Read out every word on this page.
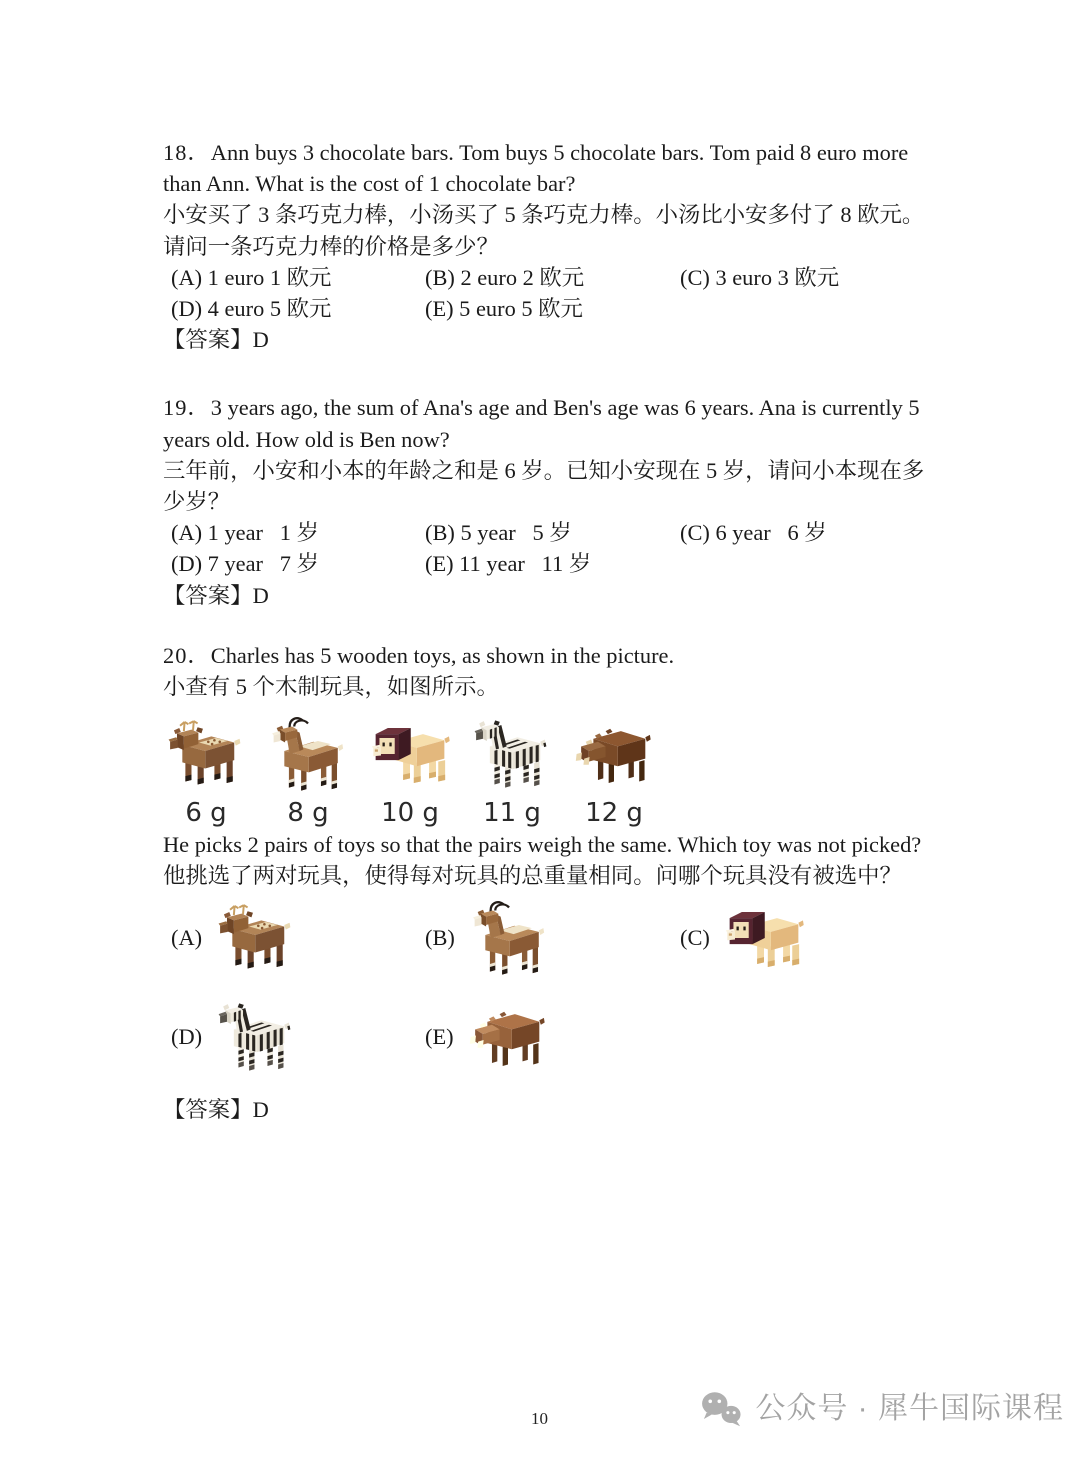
18．Ann buys 3 chocolate bars. Tom buys 5 chocolate bars. Tom paid 8 euro more than Ann. What is the cost of 1 chocolate bar?

小安买了 3 条巧克力棒，小汤买了 5 条巧克力棒。小汤比小安多付了 8 欧元。请问一条巧克力棒的价格是多少？

(A) 1 euro 1 欧元	(B) 2 euro 2 欧元	(C) 3 euro 3 欧元
(D) 4 euro 5 欧元	(E) 5 euro 5 欧元

【答案】D

19．3 years ago, the sum of Ana's age and Ben's age was 6 years. Ana is currently 5 years old. How old is Ben now?

三年前，小安和小本的年龄之和是 6 岁。已知小安现在 5 岁，请问小本现在多少岁？

(A) 1 year   1 岁	(B) 5 year   5 岁	(C) 6 year   6 岁
(D) 7 year   7 岁	(E) 11 year   11 岁

【答案】D

20．Charles has 5 wooden toys, as shown in the picture.

小查有 5 个木制玩具，如图所示。

6 g 8 g 10 g 11 g 12 g

He picks 2 pairs of toys so that the pairs weigh the same. Which toy was not picked?

他挑选了两对玩具，使得每对玩具的总重量相同。问哪个玩具没有被选中？

(A)	(B)	(C)
(D)	(E)

【答案】D

10	公众号 · 犀牛国际课程
